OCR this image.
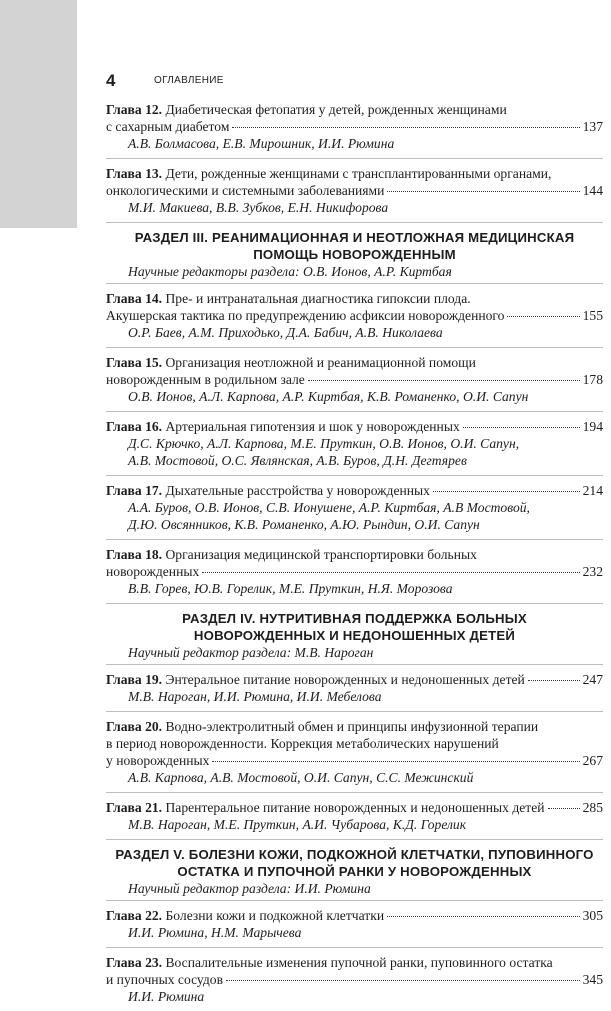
4	ОГЛАВЛЕНИЕ
Глава 12. Диабетическая фетопатия у детей, рожденных женщинами
с сахарным диабетом	137
А.В. Болмасова, Е.В. Мирошник, И.И. Рюмина
Глава 13. Дети, рожденные женщинами с трансплантированными органами,
онкологическими и системными заболеваниями	144
М.И. Макиева, В.В. Зубков, Е.Н. Никифорова
РАЗДЕЛ III. РЕАНИМАЦИОННАЯ И НЕОТЛОЖНАЯ МЕДИЦИНСКАЯ
ПОМОЩЬ НОВОРОЖДЕННЫМ
Научные редакторы раздела: О.В. Ионов, А.Р. Киртбая
Глава 14. Пре- и интранатальная диагностика гипоксии плода.
Акушерская тактика по предупреждению асфиксии новорожденного	155
О.Р. Баев, А.М. Приходько, Д.А. Бабич, А.В. Николаева
Глава 15. Организация неотложной и реанимационной помощи
новорожденным в родильном зале	178
О.В. Ионов, А.Л. Карпова, А.Р. Киртбая, К.В. Романенко, О.И. Сапун
Глава 16. Артериальная гипотензия и шок у новорожденных	194
Д.С. Крючко, А.Л. Карпова, М.Е. Пруткин, О.В. Ионов, О.И. Сапун,
А.В. Мостовой, О.С. Являнская, А.В. Буров, Д.Н. Дегтярев
Глава 17. Дыхательные расстройства у новорожденных	214
А.А. Буров, О.В. Ионов, С.В. Ионушене, А.Р. Киртбая, А.В Мостовой,
Д.Ю. Овсянников, К.В. Романенко, А.Ю. Рындин, О.И. Сапун
Глава 18. Организация медицинской транспортировки больных
новорожденных	232
В.В. Горев, Ю.В. Горелик, М.Е. Пруткин, Н.Я. Морозова
РАЗДЕЛ IV. НУТРИТИВНАЯ ПОДДЕРЖКА БОЛЬНЫХ
НОВОРОЖДЕННЫХ И НЕДОНОШЕННЫХ ДЕТЕЙ
Научный редактор раздела: М.В. Нароган
Глава 19. Энтеральное питание новорожденных и недоношенных детей	247
М.В. Нароган, И.И. Рюмина, И.И. Мебелова
Глава 20. Водно-электролитный обмен и принципы инфузионной терапии
в период новорожденности. Коррекция метаболических нарушений
у новорожденных	267
А.В. Карпова, А.В. Мостовой, О.И. Сапун, С.С. Межинский
Глава 21. Парентеральное питание новорожденных и недоношенных детей	285
М.В. Нароган, М.Е. Пруткин, А.И. Чубарова, К.Д. Горелик
РАЗДЕЛ V. БОЛЕЗНИ КОЖИ, ПОДКОЖНОЙ КЛЕТЧАТКИ, ПУПОВИННОГО
ОСТАТКА И ПУПОЧНОЙ РАНКИ У НОВОРОЖДЕННЫХ
Научный редактор раздела: И.И. Рюмина
Глава 22. Болезни кожи и подкожной клетчатки	305
И.И. Рюмина, Н.М. Марычева
Глава 23. Воспалительные изменения пупочной ранки, пуповинного остатка
и пупочных сосудов	345
И.И. Рюмина
